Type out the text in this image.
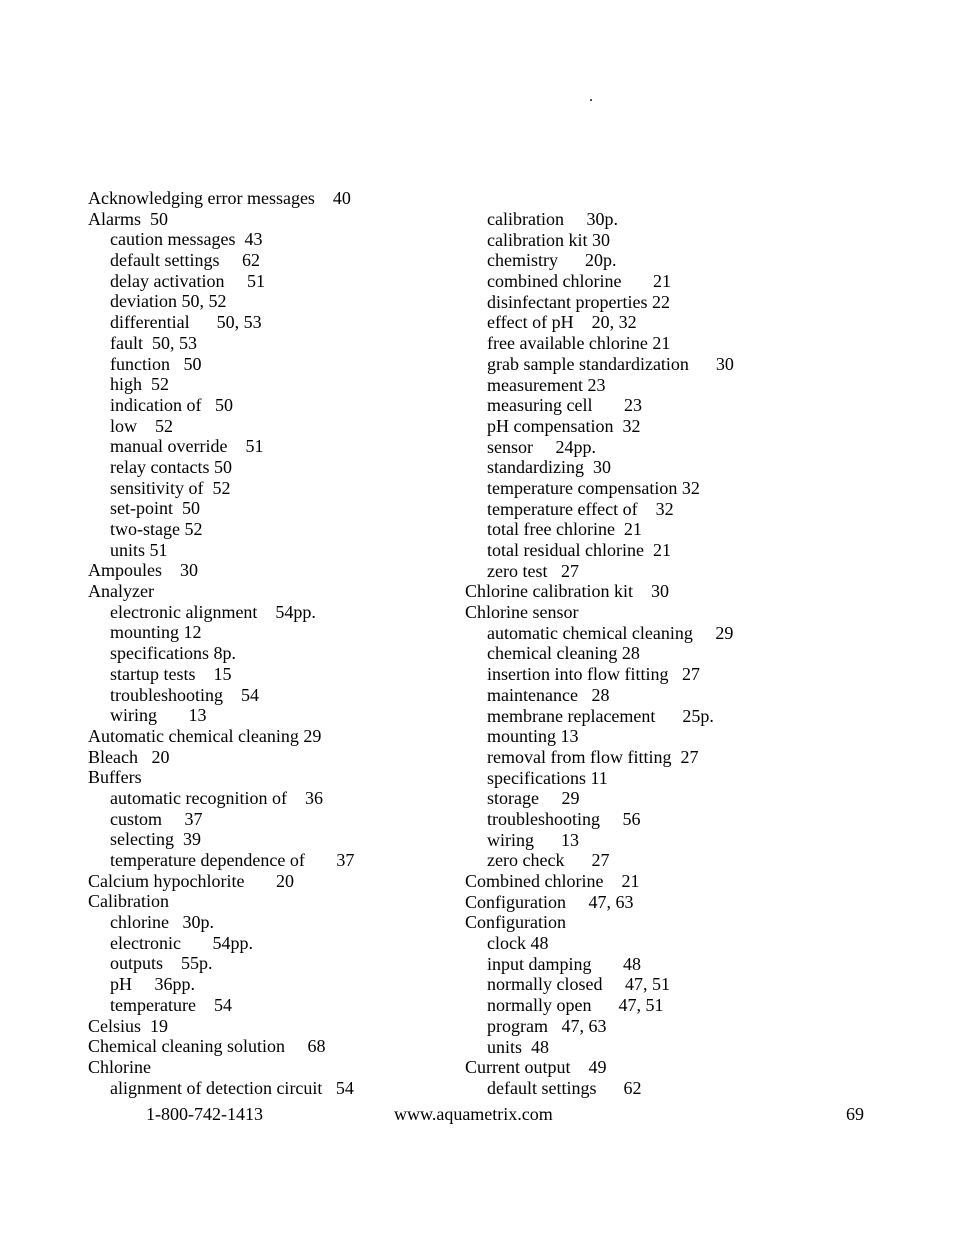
.
Acknowledging error messages    40
Alarms  50
caution messages  43
default settings     62
delay activation     51
deviation 50, 52
differential      50, 53
fault  50, 53
function   50
high  52
indication of   50
low    52
manual override    51
relay contacts 50
sensitivity of  52
set-point  50
two-stage 52
units 51
Ampoules    30
Analyzer
electronic alignment    54pp.
mounting 12
specifications 8p.
startup tests    15
troubleshooting    54
wiring       13
Automatic chemical cleaning 29
Bleach   20
Buffers
automatic recognition of    36
custom     37
selecting  39
temperature dependence of       37
Calcium hypochlorite       20
Calibration
chlorine   30p.
electronic       54pp.
outputs    55p.
pH     36pp.
temperature    54
Celsius  19
Chemical cleaning solution     68
Chlorine
alignment of detection circuit   54
calibration     30p.
calibration kit 30
chemistry      20p.
combined chlorine       21
disinfectant properties 22
effect of pH    20, 32
free available chlorine 21
grab sample standardization      30
measurement 23
measuring cell       23
pH compensation  32
sensor     24pp.
standardizing  30
temperature compensation 32
temperature effect of    32
total free chlorine  21
total residual chlorine  21
zero test   27
Chlorine calibration kit    30
Chlorine sensor
automatic chemical cleaning     29
chemical cleaning 28
insertion into flow fitting   27
maintenance   28
membrane replacement      25p.
mounting 13
removal from flow fitting  27
specifications 11
storage     29
troubleshooting     56
wiring      13
zero check      27
Combined chlorine    21
Configuration     47, 63
Configuration
clock 48
input damping       48
normally closed     47, 51
normally open      47, 51
program   47, 63
units  48
Current output    49
default settings      62
1-800-742-1413	www.aquametrix.com	69
